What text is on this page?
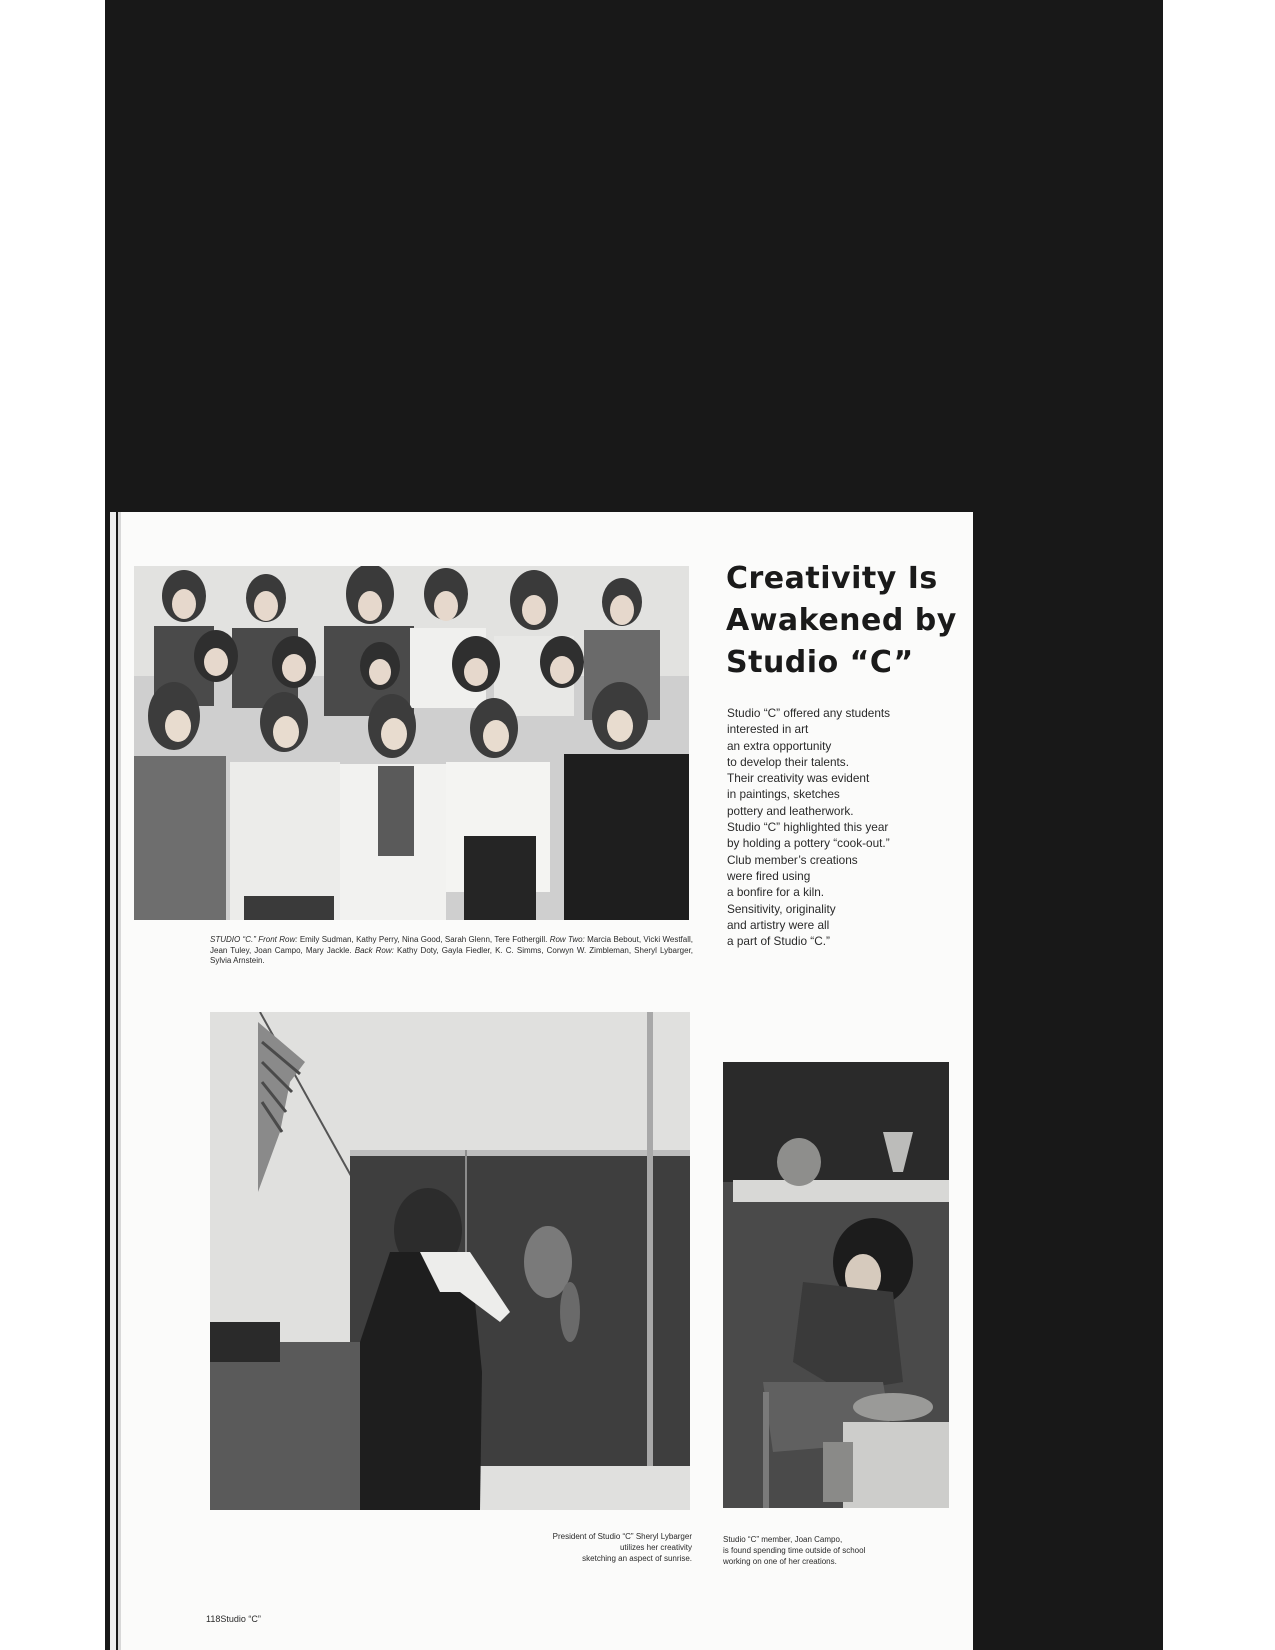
Creativity Is
Awakened by
Studio “C”
Studio “C” offered any students
interested in art
an extra opportunity
to develop their talents.
Their creativity was evident
in paintings, sketches
pottery and leatherwork.
Studio “C” highlighted this year
by holding a pottery “cook-out.”
Club member’s creations
were fired using
a bonfire for a kiln.
Sensitivity, originality
and artistry were all
a part of Studio “C.”
STUDIO “C.” Front Row: Emily Sudman, Kathy Perry, Nina Good, Sarah Glenn, Tere Fothergill. Row Two: Marcia Bebout, Vicki Westfall, Jean Tuley, Joan Campo, Mary Jackle. Back Row: Kathy Doty, Gayla Fiedler, K. C. Simms, Corwyn W. Zimbleman, Sheryl Lybarger, Sylvia Arnstein.
President of Studio “C” Sheryl Lybarger
utilizes her creativity
sketching an aspect of sunrise.
Studio “C” member, Joan Campo,
is found spending time outside of school
working on one of her creations.
118Studio “C”
